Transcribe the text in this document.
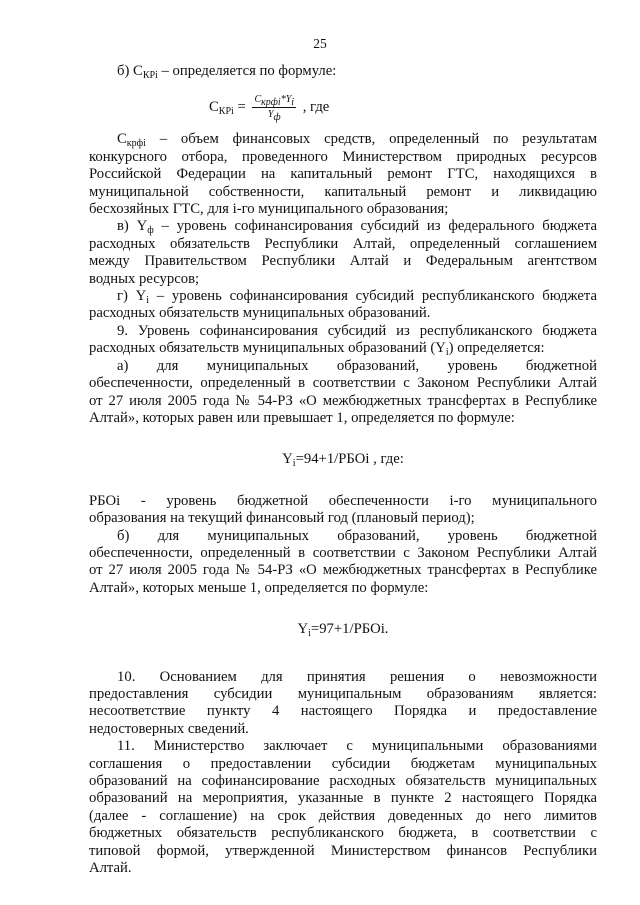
25

б) $C_{КРi}$ – определяется по формуле:

$C_{КРi} = \frac{C_{крфi}*Y_i}{Y_ф}$ , где

$С_{крфi}$ – объем финансовых средств, определенный по результатам

конкурсного отбора, проведенного Министерством природных ресурсов

Российской Федерации на капитальный ремонт ГТС, находящихся в

муниципальной собственности, капитальный ремонт и ликвидацию

бесхозяйных ГТС, для i-го муниципального образования;

в) $Y_ф$ – уровень софинансирования субсидий из федерального бюджета

расходных обязательств Республики Алтай, определенный соглашением

между Правительством Республики Алтай и Федеральным агентством

водных ресурсов;

г) $Y_i$ – уровень софинансирования субсидий республиканского бюджета

расходных обязательств муниципальных образований.

9. Уровень софинансирования субсидий из республиканского бюджета

расходных обязательств муниципальных образований $(Y_i)$ определяется:

а) для муниципальных образований, уровень бюджетной

обеспеченности, определенный в соответствии с Законом Республики Алтай

от 27 июля 2005 года № 54-РЗ «О межбюджетных трансфертах в Республике

Алтай», которых равен или превышает 1, определяется по формуле:

$Y_i=94+1$/РБОi , где:

РБОi - уровень бюджетной обеспеченности i-го муниципального

образования на текущий финансовый год (плановый период);

б) для муниципальных образований, уровень бюджетной

обеспеченности, определенный в соответствии с Законом Республики Алтай

от 27 июля 2005 года № 54-РЗ «О межбюджетных трансфертах в Республике

Алтай», которых меньше 1, определяется по формуле:

$Y_i=97+1$/РБОi.

10. Основанием для принятия решения о невозможности

предоставления субсидии муниципальным образованиям является:

несоответствие пункту 4 настоящего Порядка и предоставление

недостоверных сведений.

11. Министерство заключает с муниципальными образованиями

соглашения о предоставлении субсидии бюджетам муниципальных

образований на софинансирование расходных обязательств муниципальных

образований на мероприятия, указанные в пункте 2 настоящего Порядка

(далее - соглашение) на срок действия доведенных до него лимитов

бюджетных обязательств республиканского бюджета, в соответствии с

типовой формой, утвержденной Министерством финансов Республики

Алтай.
